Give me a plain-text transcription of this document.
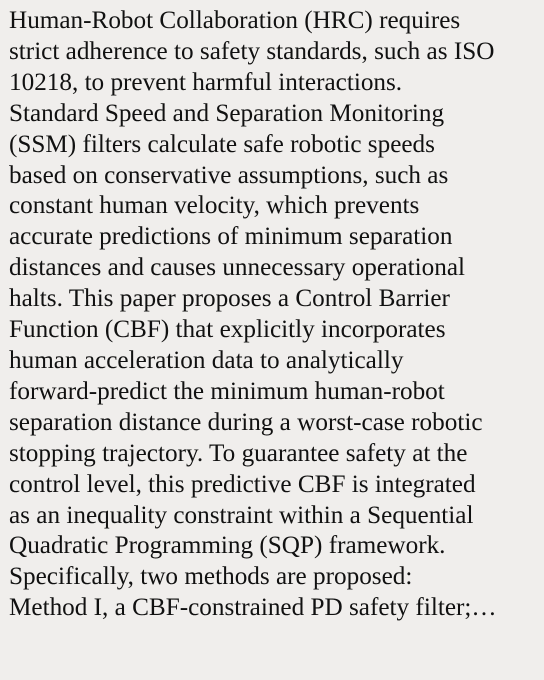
Human-Robot Collaboration (HRC) requires
strict adherence to safety standards, such as ISO
10218, to prevent harmful interactions.
Standard Speed and Separation Monitoring
(SSM) filters calculate safe robotic speeds
based on conservative assumptions, such as
constant human velocity, which prevents
accurate predictions of minimum separation
distances and causes unnecessary operational
halts. This paper proposes a Control Barrier
Function (CBF) that explicitly incorporates
human acceleration data to analytically
forward-predict the minimum human-robot
separation distance during a worst-case robotic
stopping trajectory. To guarantee safety at the
control level, this predictive CBF is integrated
as an inequality constraint within a Sequential
Quadratic Programming (SQP) framework.
Specifically, two methods are proposed:
Method I, a CBF-constrained PD safety filter;…
